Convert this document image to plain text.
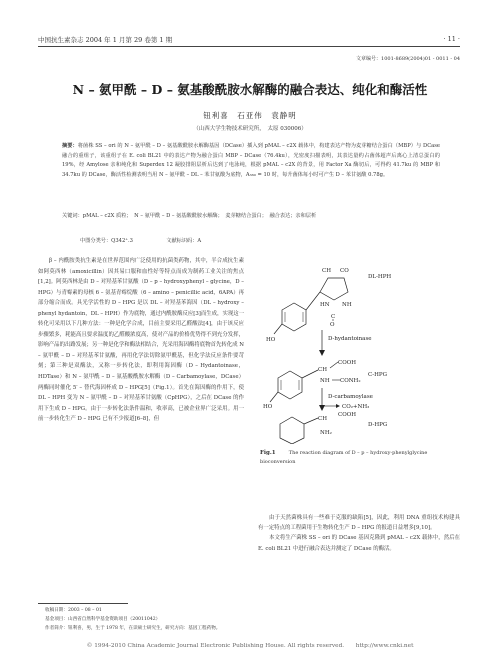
中国抗生素杂志 2004 年 1 月第 29 卷第 1 期	· 11 ·
文章编号：1001-8689(2004)01 - 0011 - 04
N – 氨甲酰 – D – 氨基酸酰胺水解酶的融合表达、纯化和酶活性
钮利喜　石亚伟　袁静明
（山西大学生物技术研究所，　太原 030006）
摘要：将菌株 SS – ori 的 N – 氨甲酰 – D – 氨基酸酰胺水解酶基因（DCase）插入到 pMAL – c2X 载体中，构建表达产物为麦芽糖结合蛋白（MBP）与 DCase 融合的重组子，该重组子在 E. coli BL21 中的表达产物为融合蛋白 MBP – DCase（76.4ku），光密度扫描表明，其表达量约占菌体超声后离心上清总蛋白的 19%，经 Amylose 亲和纯化和 Superdex 12 凝胶排阻层析后达到了电泳纯，根据 pMAL – c2X 的背景，用 Factor Xa 酶切后，可得约 41.7ku 的 MBP 和 34.7ku 的 DCase，酶活性检测表明当用 N – 氨甲酰 – DL – 苯甘氨酸为底物，A₃₆₀ = 10 时，每升菌体每小时可产生 D – 苯甘氨酸 0.78g。
关键词：pMAL – c2X 质粒；　N – 氨甲酰 – D – 氨基酸酰胺水解酶；　麦芽糖结合蛋白；　融合表达；亲和层析
中图分类号：Q342⁺.3	文献标识码：A

β – 内酰胺类抗生素是在世界范围内广泛使用的抗菌类药物，其中，半合成抗生素如阿莫西林（amoxicillin）因其易口服和血性好等特点而成为制药工业关注的焦点[1,2]。阿莫西林是由 D – 对羟基苯甘氨酸（D – p – hydroxyphenyl – glycine，D – HPG）与青霉素的母核 6 – 氨基青霉烷酸（6 – amino – penicillic acid，6APA）再部分缩合而成。具光学活性的 D – HPG 是以 DL – 对羟基苯海因（DL – hydroxy – phenyl hydantoin，DL – HPH）作为底物，通过内酰胺酶反应[3]而生成，实现这一转化可采用以下几种方法：一种是化学合成，目前主要采用乙醛酸法[4]，由于该反应步骤繁多，耗能高且要求温度的乙醛酸浓度高，使对产品的价格优势得不到充分发挥，影响产品的出路发展；另一种是化学和酶法相结合，光采用海因酶将底物首先转化成 N – 氨甲酰 – D – 对羟基苯甘氨酸，再用化学法切除氨甲酰基，但化学法反应条件要苛刻；第三种是双酶法，又称一步转化法，即利用海因酶（D – Hydantoinase，HDTase）和 N – 氨甲酰 – D – 氨基酸酰胺水解酶（D – Carbamoylase，DCase）两酶同时催化 5′ – 替代海因杯成 D – HPG[5]（Fig.1）。首先在海因酶的作用下，使 DL – HPH 变为 N – 氨甲酰 – D – 对羟基苯甘氨酸（CpHPG），之后在 DCase 的作用下生成 D – HPG。由于一步转化法条件温和，收率高，已被企业界广泛采用。用一前一步转化生产 D – HPG 已有不少报道[6–8]，但

HO
CH CO
HN NH
C
O
DL-HPH
D-hydantoinase
HO
CH
COOH
NH CONH₂
C-HPG
D-carbamoylase
CO₂+NH₃
CH
COOH
NH₂
D-HPG
Fig.1	The reaction diagram of D – p – hydroxy-phenylglycine bioconversion

由于天然菌株具有一些难于克服的缺陷[5]，因此，利用 DNA 重组技术构建具有一定特点的工程菌用于生物转化生产 D – HPG 的报道日益增多[9,10]。

本文将生产菌株 SS – ori 的 DCase 基因克隆到 pMAL – c2X 载体中，然后在 E. coli BL21 中进行融合表达并测定了 DCase 的酶活。

收稿日期：2003 – 08 – 01
基金项目：山西省自然科学基金资助项目（20011042）
作者简介：钮利喜，男，生于 1978 年，在读硕士研究生，研究方向：基因工程药物。
© 1994-2010 China Academic Journal Electronic Publishing House. All rights reserved.　　http://www.cnki.net
